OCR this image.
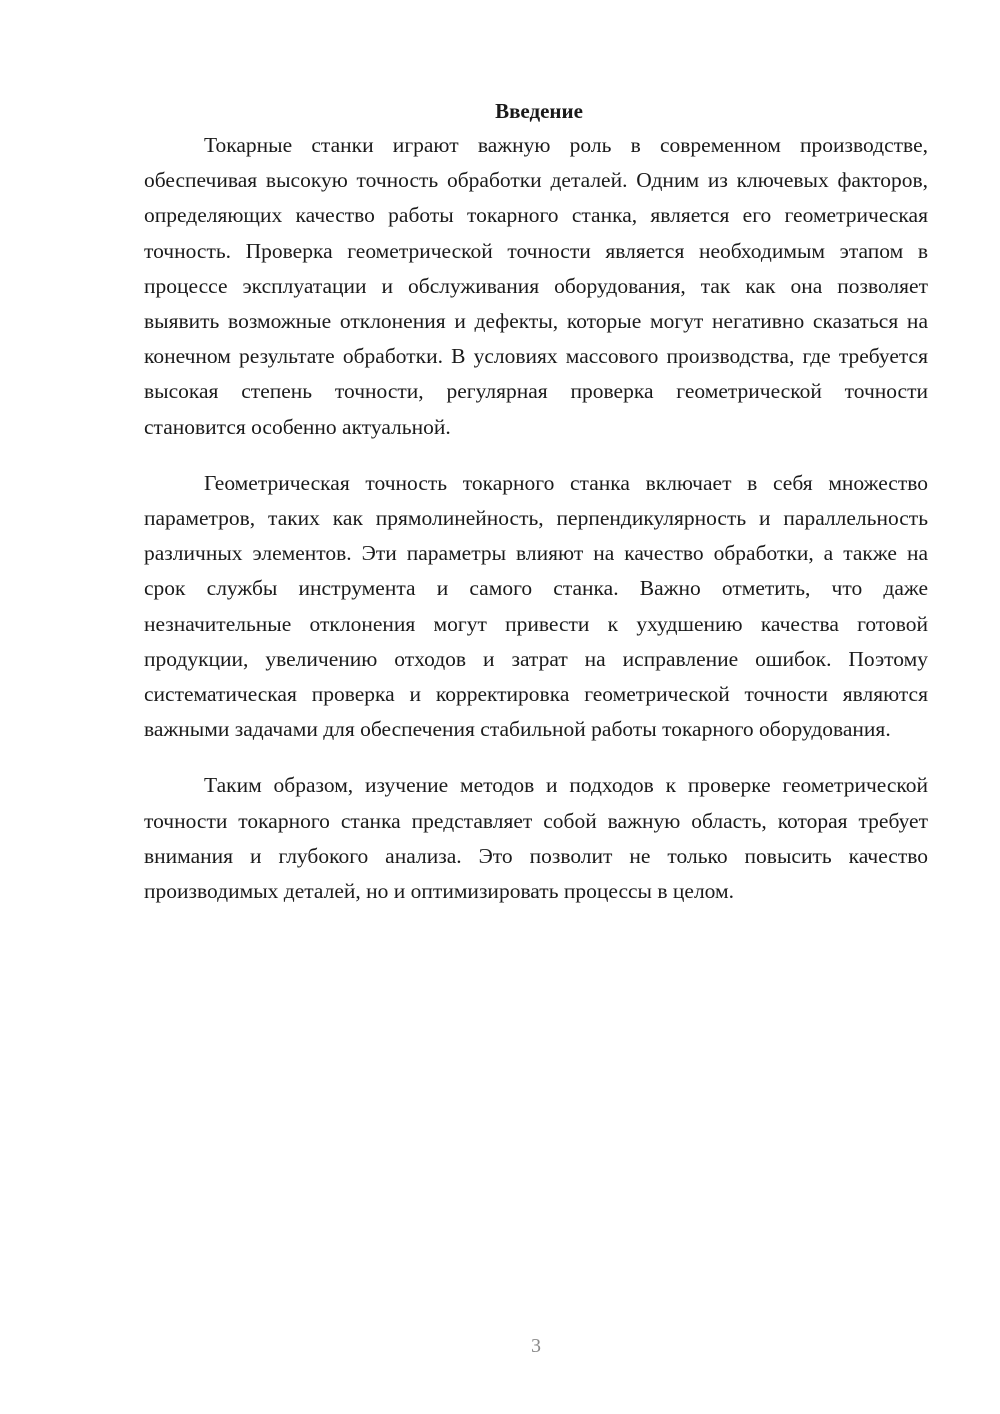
Введение

Токарные станки играют важную роль в современном производстве, обеспечивая высокую точность обработки деталей. Одним из ключевых факторов, определяющих качество работы токарного станка, является его геометрическая точность. Проверка геометрической точности является необходимым этапом в процессе эксплуатации и обслуживания оборудования, так как она позволяет выявить возможные отклонения и дефекты, которые могут негативно сказаться на конечном результате обработки. В условиях массового производства, где требуется высокая степень точности, регулярная проверка геометрической точности становится особенно актуальной.

Геометрическая точность токарного станка включает в себя множество параметров, таких как прямолинейность, перпендикулярность и параллельность различных элементов. Эти параметры влияют на качество обработки, а также на срок службы инструмента и самого станка. Важно отметить, что даже незначительные отклонения могут привести к ухудшению качества готовой продукции, увеличению отходов и затрат на исправление ошибок. Поэтому систематическая проверка и корректировка геометрической точности являются важными задачами для обеспечения стабильной работы токарного оборудования.

Таким образом, изучение методов и подходов к проверке геометрической точности токарного станка представляет собой важную область, которая требует внимания и глубокого анализа. Это позволит не только повысить качество производимых деталей, но и оптимизировать процессы в целом.

3
